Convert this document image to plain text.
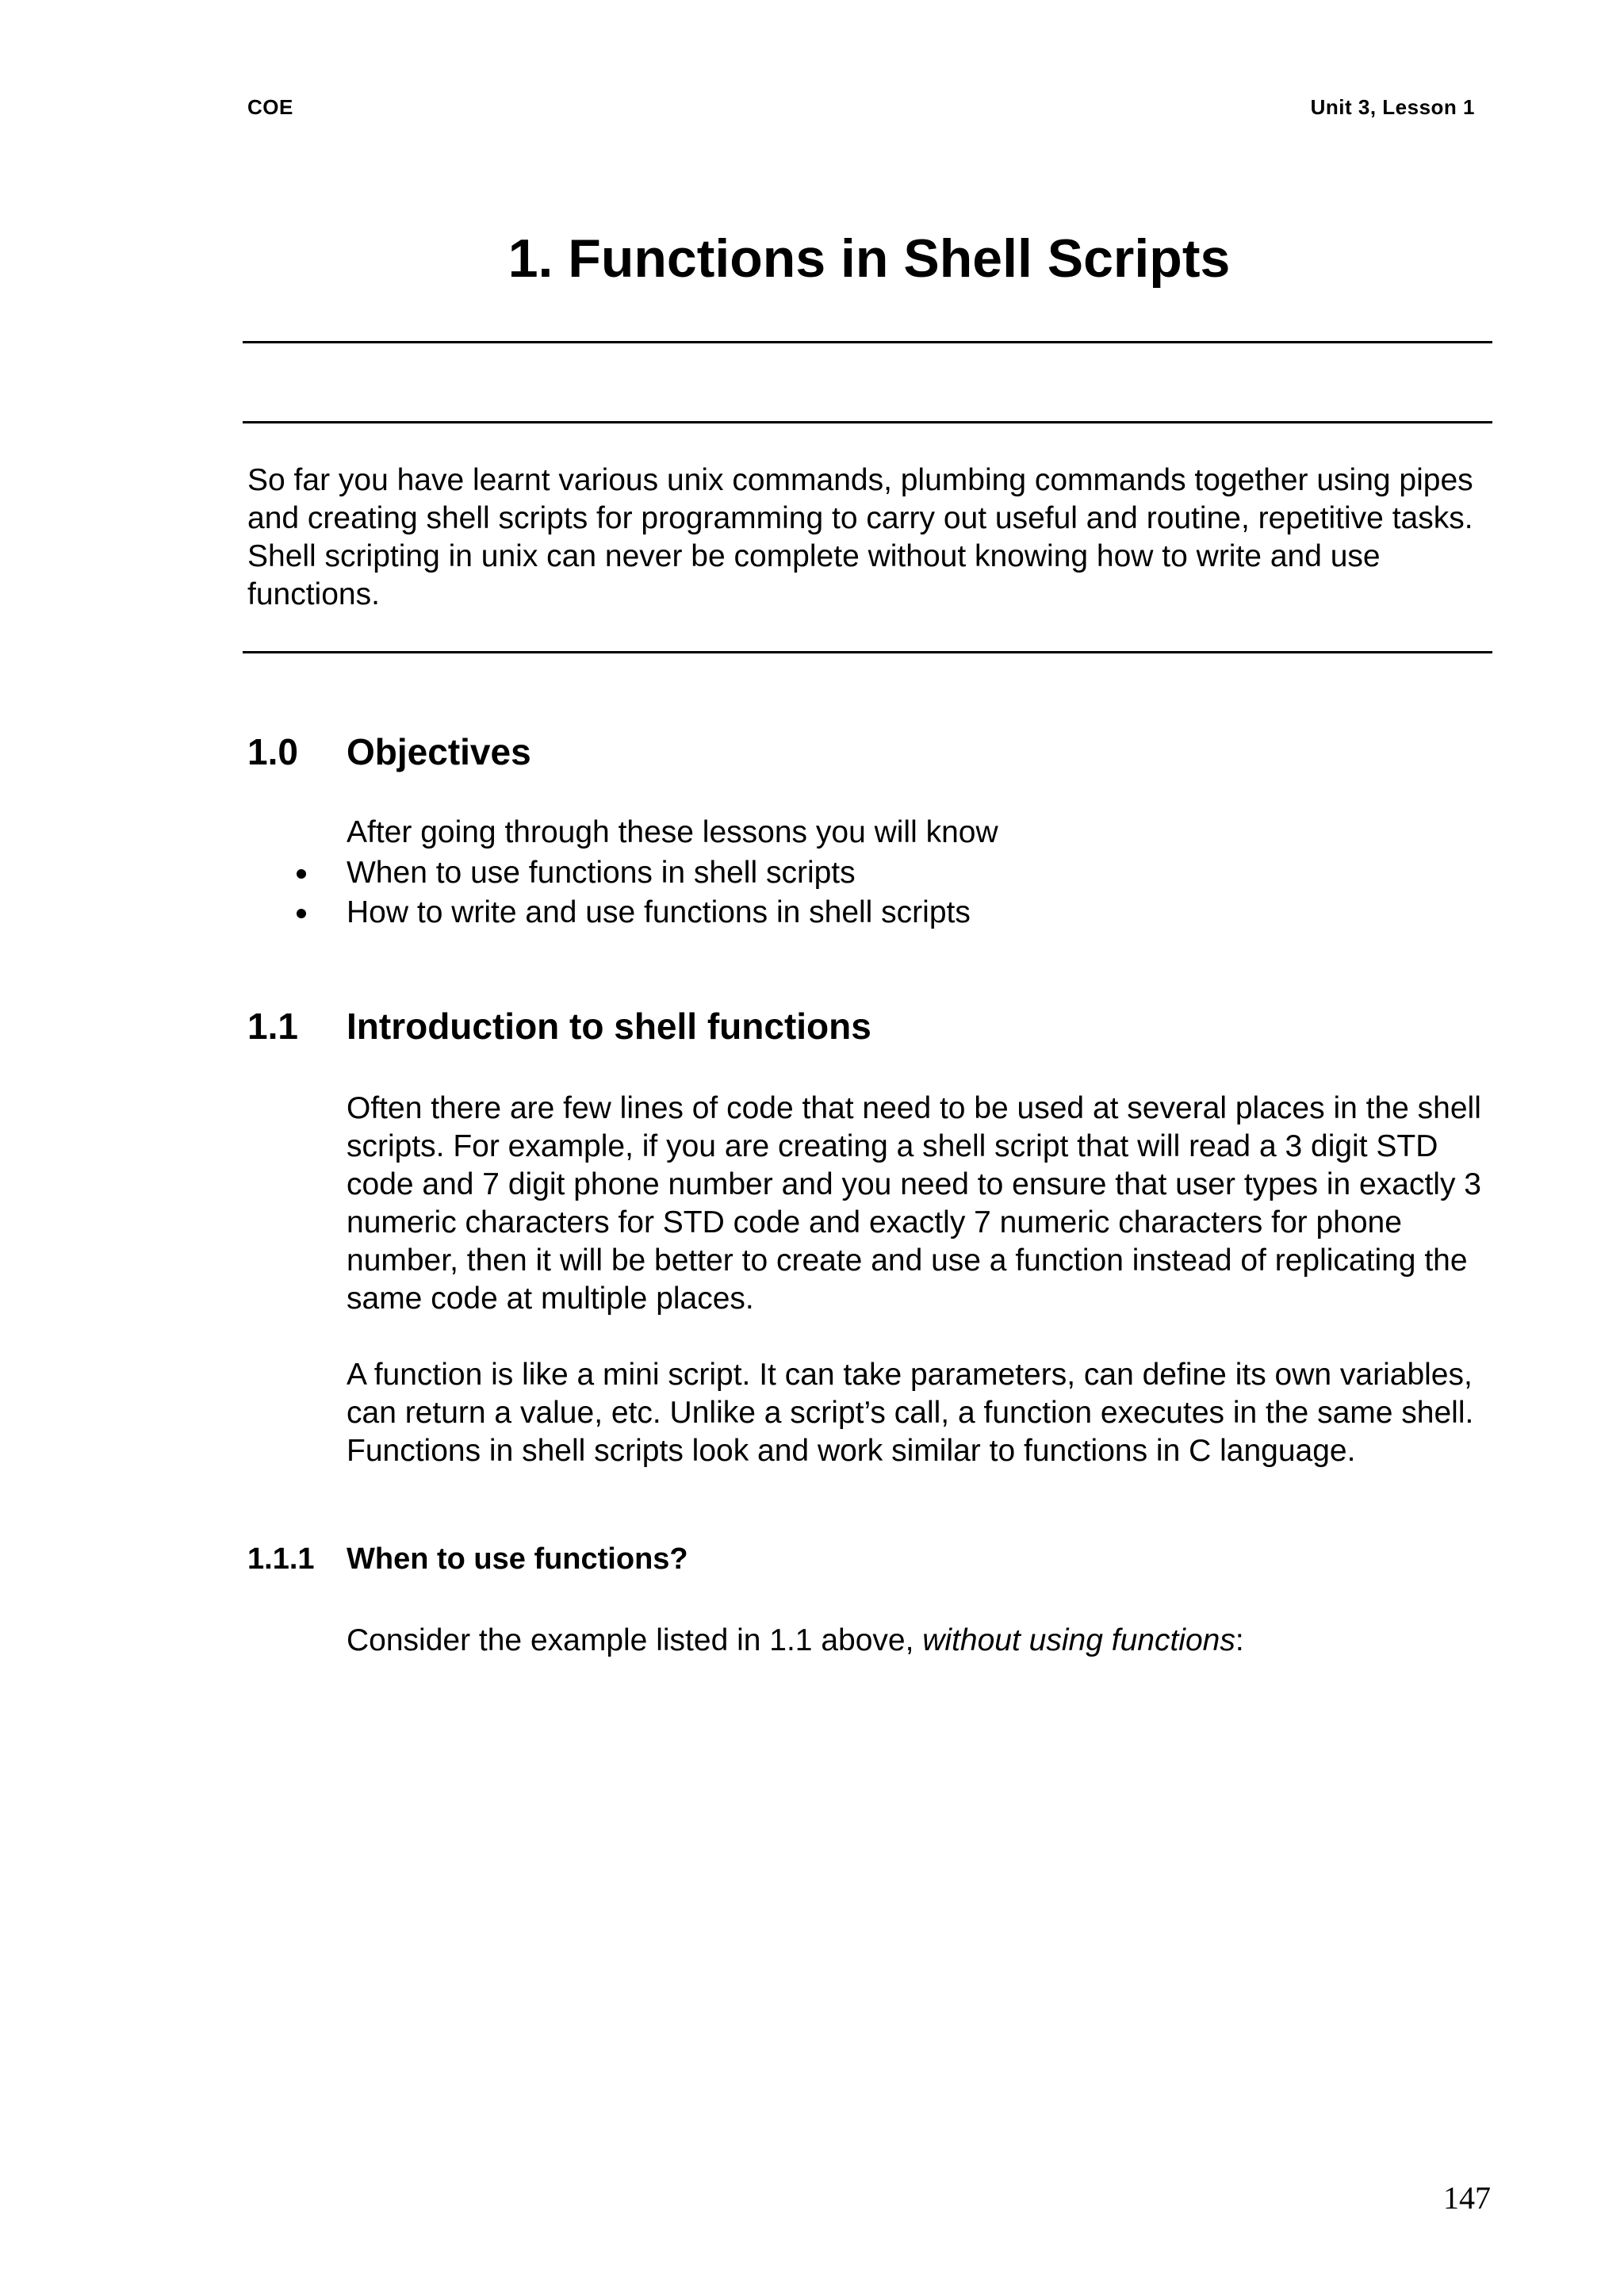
COE	Unit 3, Lesson 1
1. Functions in Shell Scripts
So far you have learnt various unix commands, plumbing commands together using pipes and creating shell scripts for programming to carry out useful and routine, repetitive tasks. Shell scripting in unix can never be complete without knowing how to write and use functions.
1.0 Objectives
After going through these lessons you will know
When to use functions in shell scripts
How to write and use functions in shell scripts
1.1 Introduction to shell functions
Often there are few lines of code that need to be used at several places in the shell scripts. For example, if you are creating a shell script that will read a 3 digit STD code and 7 digit phone number and you need to ensure that user types in exactly 3 numeric characters for STD code and exactly 7 numeric characters for phone number, then it will be better to create and use a function instead of replicating the same code at multiple places.
A function is like a mini script. It can take parameters, can define its own variables, can return a value, etc. Unlike a script’s call, a function executes in the same shell. Functions in shell scripts look and work similar to functions in C language.
1.1.1 When to use functions?
Consider the example listed in 1.1 above, without using functions:
147
